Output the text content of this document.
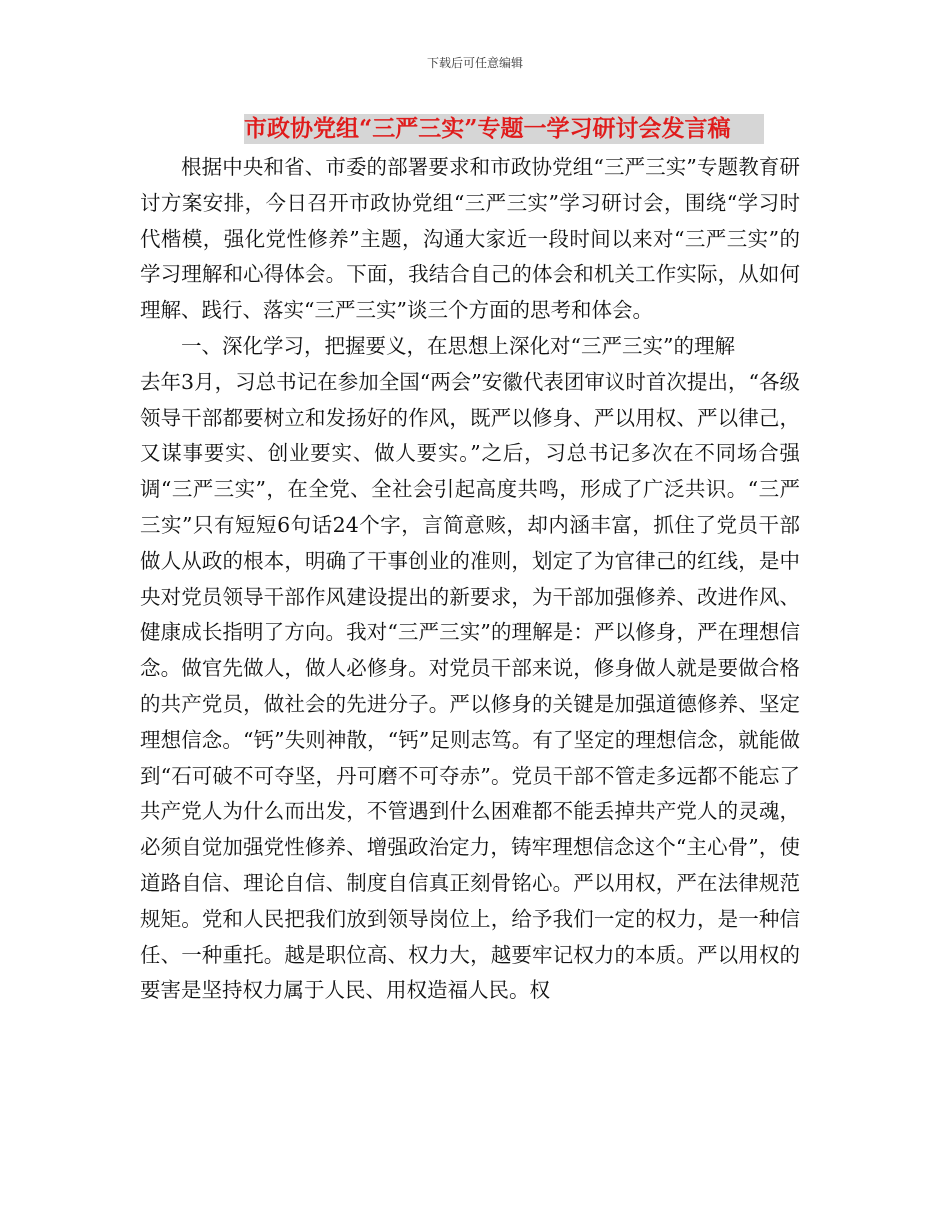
下载后可任意编辑
市政协党组“三严三实”专题一学习研讨会发言稿

根据中央和省、市委的部署要求和市政协党组“三严三实”专题教育研讨方案安排，今日召开市政协党组“三严三实”学习研讨会，围绕“学习时代楷模，强化党性修养”主题，沟通大家近一段时间以来对“三严三实”的学习理解和心得体会。下面，我结合自己的体会和机关工作实际，从如何理解、践行、落实“三严三实”谈三个方面的思考和体会。

一、深化学习，把握要义，在思想上深化对“三严三实”的理解

去年3月，习总书记在参加全国“两会”安徽代表团审议时首次提出，“各级领导干部都要树立和发扬好的作风，既严以修身、严以用权、严以律己，又谋事要实、创业要实、做人要实。”之后，习总书记多次在不同场合强调“三严三实”，在全党、全社会引起高度共鸣，形成了广泛共识。“三严三实”只有短短6句话24个字，言简意赅，却内涵丰富，抓住了党员干部做人从政的根本，明确了干事创业的准则，划定了为官律己的红线，是中央对党员领导干部作风建设提出的新要求，为干部加强修养、改进作风、健康成长指明了方向。我对“三严三实”的理解是：严以修身，严在理想信念。做官先做人，做人必修身。对党员干部来说，修身做人就是要做合格的共产党员，做社会的先进分子。严以修身的关键是加强道德修养、坚定理想信念。“钙”失则神散，“钙”足则志笃。有了坚定的理想信念，就能做到“石可破不可夺坚，丹可磨不可夺赤”。党员干部不管走多远都不能忘了共产党人为什么而出发，不管遇到什么困难都不能丢掉共产党人的灵魂，必须自觉加强党性修养、增强政治定力，铸牢理想信念这个“主心骨”，使道路自信、理论自信、制度自信真正刻骨铭心。严以用权，严在法律规范规矩。党和人民把我们放到领导岗位上，给予我们一定的权力，是一种信任、一种重托。越是职位高、权力大，越要牢记权力的本质。严以用权的要害是坚持权力属于人民、用权造福人民。权
